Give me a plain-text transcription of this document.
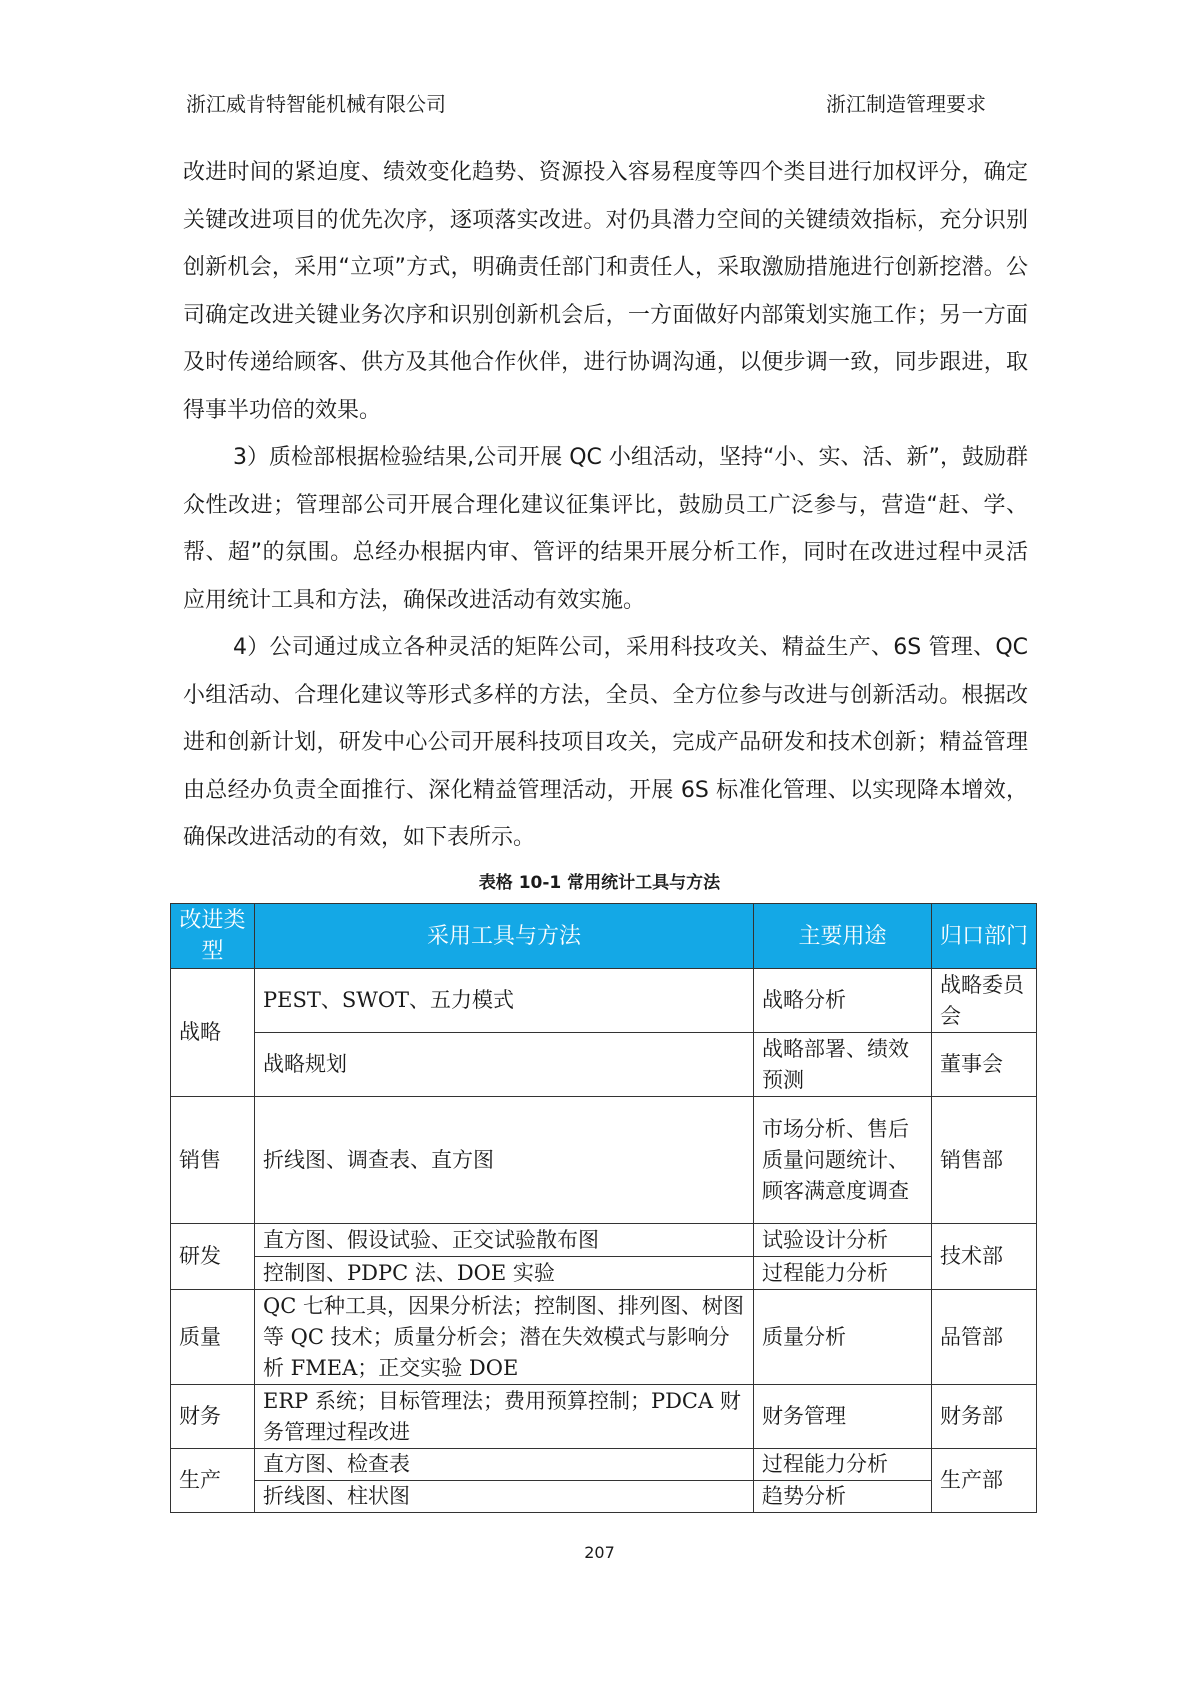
浙江威肯特智能机械有限公司	浙江制造管理要求

改进时间的紧迫度、绩效变化趋势、资源投入容易程度等四个类目进行加权评分，确定关键改进项目的优先次序，逐项落实改进。对仍具潜力空间的关键绩效指标，充分识别创新机会，采用“立项”方式，明确责任部门和责任人，采取激励措施进行创新挖潜。公司确定改进关键业务次序和识别创新机会后，一方面做好内部策划实施工作；另一方面及时传递给顾客、供方及其他合作伙伴，进行协调沟通，以便步调一致，同步跟进，取得事半功倍的效果。

3）质检部根据检验结果,公司开展 QC 小组活动，坚持“小、实、活、新”，鼓励群众性改进；管理部公司开展合理化建议征集评比，鼓励员工广泛参与，营造“赶、学、帮、超”的氛围。总经办根据内审、管评的结果开展分析工作，同时在改进过程中灵活应用统计工具和方法，确保改进活动有效实施。

4）公司通过成立各种灵活的矩阵公司，采用科技攻关、精益生产、6S 管理、QC 小组活动、合理化建议等形式多样的方法，全员、全方位参与改进与创新活动。根据改进和创新计划，研发中心公司开展科技项目攻关，完成产品研发和技术创新；精益管理由总经办负责全面推行、深化精益管理活动，开展 6S 标准化管理、以实现降本增效，确保改进活动的有效，如下表所示。

表格 10-1 常用统计工具与方法
改进类型	采用工具与方法	主要用途	归口部门
战略	PEST、SWOT、五力模式	战略分析	战略委员会
	战略规划	战略部署、绩效预测	董事会
销售	折线图、调查表、直方图	市场分析、售后质量问题统计、顾客满意度调查	销售部
研发	直方图、假设试验、正交试验散布图	试验设计分析	技术部
	控制图、PDPC 法、DOE 实验	过程能力分析	
质量	QC 七种工具，因果分析法；控制图、排列图、树图等 QC 技术；质量分析会；潜在失效模式与影响分析 FMEA；正交实验 DOE	质量分析	品管部
财务	ERP 系统；目标管理法；费用预算控制；PDCA 财务管理过程改进	财务管理	财务部
生产	直方图、检查表	过程能力分析	生产部
	折线图、柱状图	趋势分析	
207
